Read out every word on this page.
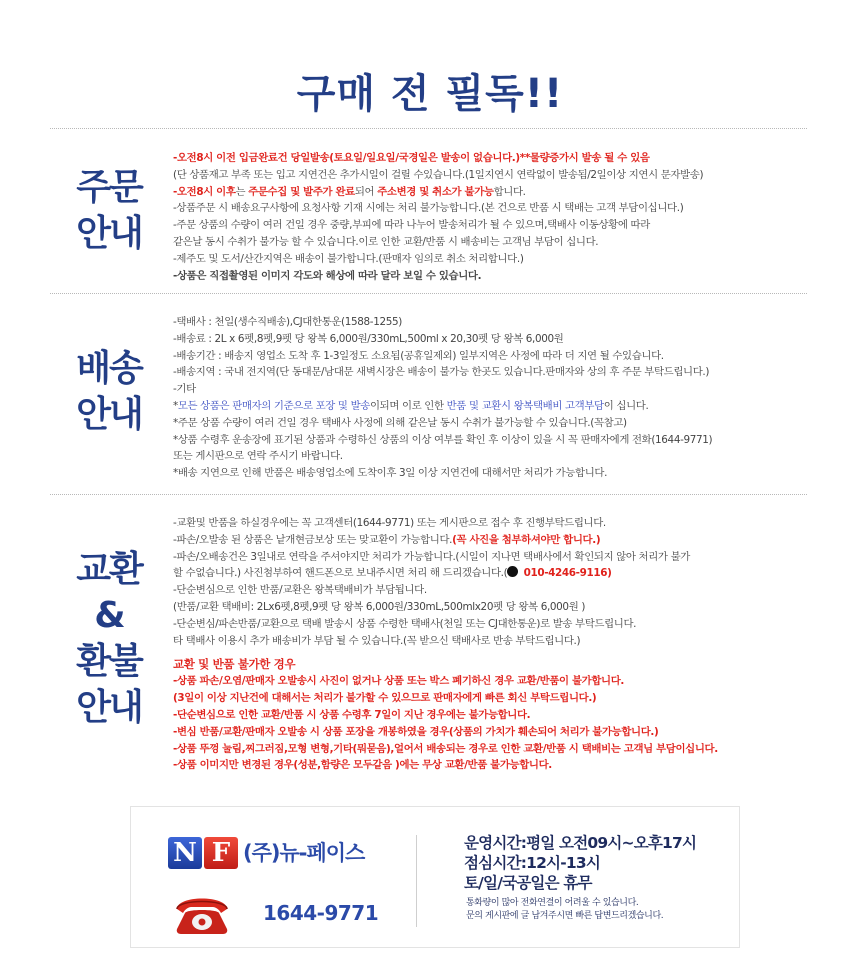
구매 전 필독!!
주문
안내
-오전8시 이전 입금완료건 당일발송(토요일/일요일/국경일은 발송이 없습니다.)**물량증가시 발송 될 수 있음
(단 상품재고 부족 또는 입고 지연건은 추가시일이 걸릴 수있습니다.(1일지연시 연락없이 발송됨/2일이상 지연시 문자발송)
-오전8시 이후는 주문수집 및 발주가 완료되어 주소변경 및 취소가 불가능합니다.
-상품주문 시 배송요구사항에 요청사항 기재 시에는 처리 불가능합니다.(본 건으로 반품 시 택배는 고객 부담이십니다.)
-주문 상품의 수량이 여러 건일 경우 중량,부피에 따라 나누어 발송처리가 될 수 있으며,택배사 이동상황에 따라
같은날 동시 수취가 불가능 할 수 있습니다.이로 인한 교환/반품 시 배송비는 고객님 부담이 십니다.
-제주도 및 도서/산간지역은 배송이 불가합니다.(판매자 임의로 취소 처리합니다.)
-상품은 직접촬영된 이미지 각도와 해상에 따라 달라 보일 수 있습니다.
배송
안내
-택배사 : 천일(생수직배송),CJ대한통운(1588-1255)
-배송료 : 2L x 6펫,8펫,9펫 당 왕복 6,000원/330mL,500ml x 20,30펫 당 왕복 6,000원
-배송기간 : 배송지 영업소 도착 후 1-3일정도 소요됨(공휴일제외) 일부지역은 사정에 따라 더 지연 될 수있습니다.
-배송지역 : 국내 전지역(단 동대문/남대문 새벽시장은 배송이 불가능 한곳도 있습니다.판매자와 상의 후 주문 부탁드립니다.)
-기타
*모든 상품은 판매자의 기준으로 포장 및 발송이되며 이로 인한 반품 및 교환시 왕복택배비 고객부담이 십니다.
*주문 상품 수량이 여러 건일 경우 택배사 사정에 의해 같은날 동시 수취가 불가능할 수 있습니다.(꼭참고)
*상품 수령후 운송장에 표기된 상품과 수령하신 상품의 이상 여부를 확인 후 이상이 있을 시 꼭 판매자에게 전화(1644-9771)
또는 게시판으로 연락 주시기 바랍니다.
*배송 지연으로 인해 반품은 배송영업소에 도착이후 3일 이상 지연건에 대해서만 처리가 가능합니다.
교환
&
환불
안내
-교환및 반품을 하실경우에는 꼭 고객센터(1644-9771) 또는 게시판으로 접수 후 진행부탁드립니다.
-파손/오발송 된 상품은 낱개현금보상 또는 맞교환이 가능합니다.(꼭 사진을 첨부하셔야만 합니다.)
-파손/오배송건은 3일내로 연락을 주셔야지만 처리가 가능합니다.(시일이 지나면 택배사에서 확인되지 않아 처리가 불가
할 수없습니다.) 사진첨부하여 핸드폰으로 보내주시면 처리 해 드리겠습니다.( 010-4246-9116)
-단순변심으로 인한 반품/교환은 왕복택배비가 부담됩니다.
(반품/교환 택배비: 2Lx6펫,8펫,9펫 당 왕복 6,000원/330mL,500mlx20펫 당 왕복 6,000원 )
-단순변심/파손반품/교환으로 택배 발송시 상품 수령한 택배사(천일 또는 CJ대한통운)로 발송 부탁드립니다.
타 택배사 이용시 추가 배송비가 부담 될 수 있습니다.(꼭 받으신 택배사로 반송 부탁드립니다.)
교환 및 반품 불가한 경우
-상품 파손/오염/판매자 오발송시 사진이 없거나 상품 또는 박스 폐기하신 경우 교환/반품이 불가합니다.
(3일이 이상 지난건에 대해서는 처리가 불가할 수 있으므로 판매자에게 빠른 회신 부탁드립니다.)
-단순변심으로 인한 교환/반품 시 상품 수령후 7일이 지난 경우에는 불가능합니다.
-변심 반품/교환/판매자 오발송 시 상품 포장을 개봉하였을 경우(상품의 가치가 훼손되어 처리가 불가능합니다.)
-상품 뚜껑 눌림,찌그러짐,모형 변형,기타(뭐묻음),얼어서 배송되는 경우로 인한 교환/반품 시 택배비는 고객님 부담이십니다.
-상품 이미지만 변경된 경우(성분,함량은 모두같음 )에는 무상 교환/반품 불가능합니다.
N F (주)뉴-페이스
1644-9771
운영시간:평일 오전09시~오후17시
점심시간:12시-13시
토/일/국공일은 휴무
통화량이 많아 전화연결이 어려울 수 있습니다.
문의 게시판에 글 남겨주시면 빠른 답변드리겠습니다.
